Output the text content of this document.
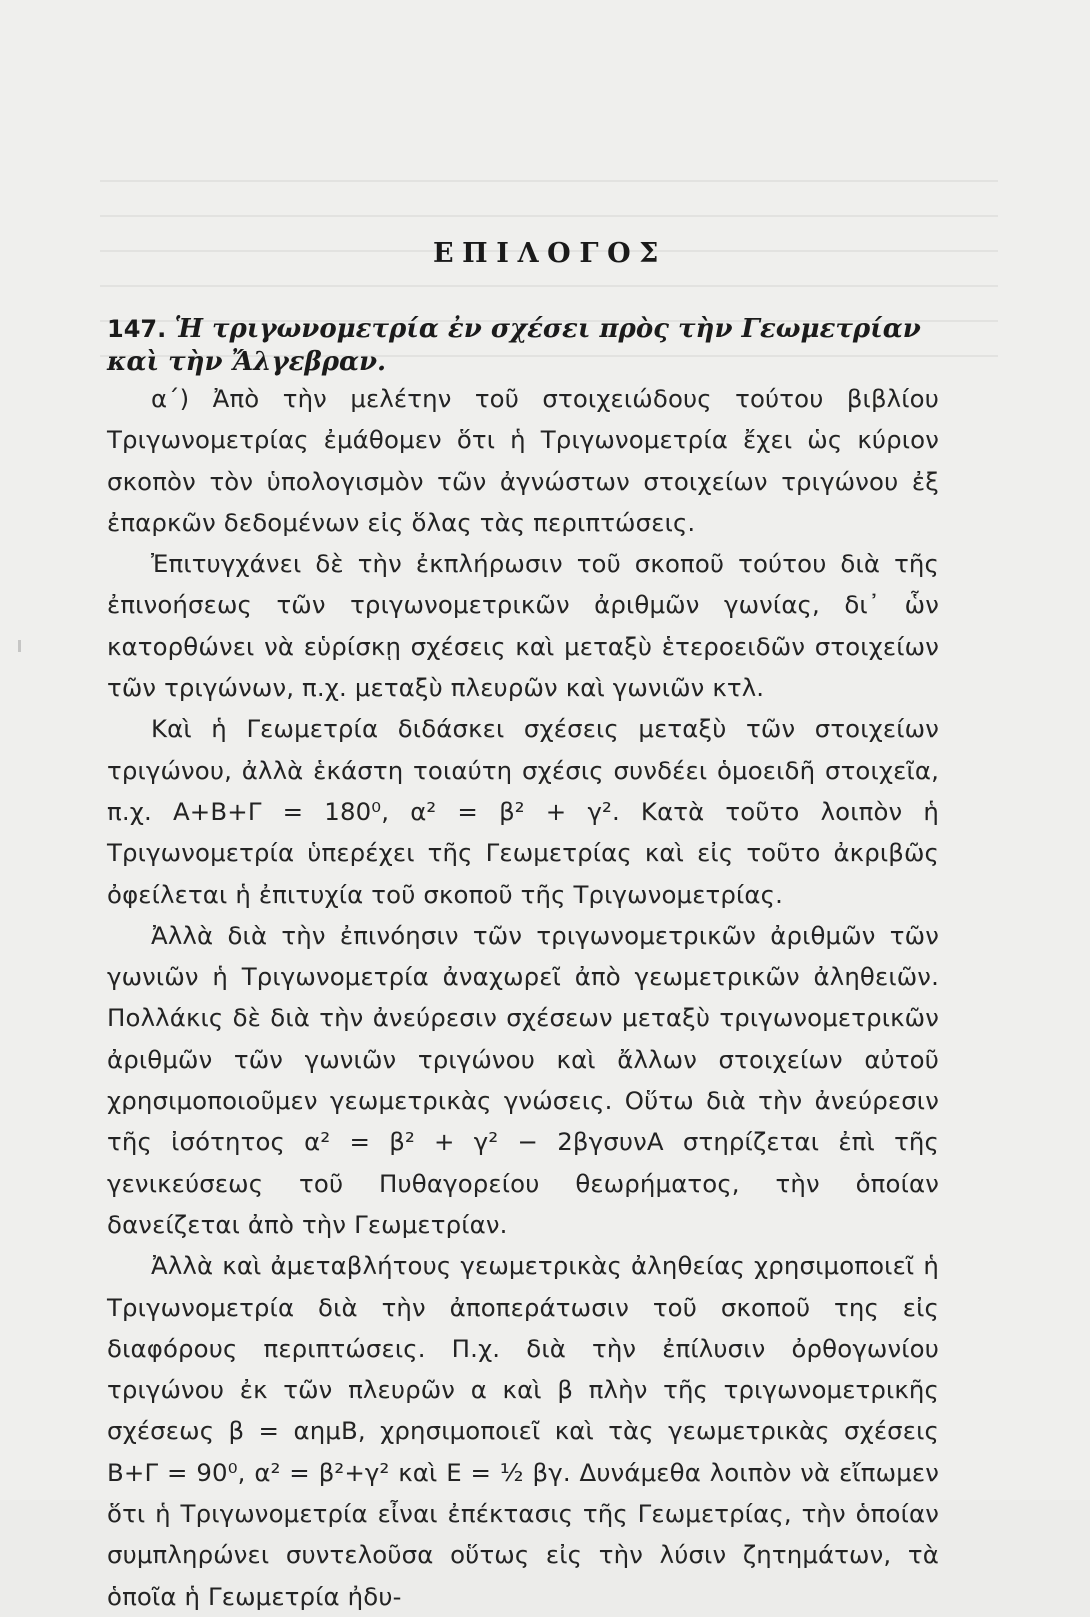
ΕΠΙΛΟΓΟΣ
147. Ἡ τριγωνομετρία ἐν σχέσει πρὸς τὴν Γεωμετρίαν καὶ τὴν Ἄλγεβραν.

α΄) Ἀπὸ τὴν μελέτην τοῦ στοιχειώδους τούτου βιβλίου Τριγωνομετρίας ἐμάθομεν ὅτι ἡ Τριγωνομετρία ἔχει ὡς κύριον σκοπὸν τὸν ὑπολογισμὸν τῶν ἀγνώστων στοιχείων τριγώνου ἐξ ἐπαρκῶν δεδομένων εἰς ὅλας τὰς περιπτώσεις.

Ἐπιτυγχάνει δὲ τὴν ἐκπλήρωσιν τοῦ σκοποῦ τούτου διὰ τῆς ἐπινοήσεως τῶν τριγωνομετρικῶν ἀριθμῶν γωνίας, δι᾿ ὧν κατορθώνει νὰ εὑρίσκῃ σχέσεις καὶ μεταξὺ ἑτεροειδῶν στοιχείων τῶν τριγώνων, π.χ. μεταξὺ πλευρῶν καὶ γωνιῶν κτλ.

Καὶ ἡ Γεωμετρία διδάσκει σχέσεις μεταξὺ τῶν στοιχείων τριγώνου, ἀλλὰ ἑκάστη τοιαύτη σχέσις συνδέει ὁμοειδῆ στοιχεῖα, π.χ. Α+Β+Γ = 180⁰, α² = β² + γ². Κατὰ τοῦτο λοιπὸν ἡ Τριγωνομετρία ὑπερέχει τῆς Γεωμετρίας καὶ εἰς τοῦτο ἀκριβῶς ὀφείλεται ἡ ἐπιτυχία τοῦ σκοποῦ τῆς Τριγωνομετρίας.

Ἀλλὰ διὰ τὴν ἐπινόησιν τῶν τριγωνομετρικῶν ἀριθμῶν τῶν γωνιῶν ἡ Τριγωνομετρία ἀναχωρεῖ ἀπὸ γεωμετρικῶν ἀληθειῶν. Πολλάκις δὲ διὰ τὴν ἀνεύρεσιν σχέσεων μεταξὺ τριγωνομετρικῶν ἀριθμῶν τῶν γωνιῶν τριγώνου καὶ ἄλλων στοιχείων αὐτοῦ χρησιμοποιοῦμεν γεωμετρικὰς γνώσεις. Οὕτω διὰ τὴν ἀνεύρεσιν τῆς ἰσότητος α² = β² + γ² − 2βγσυνΑ στηρίζεται ἐπὶ τῆς γενικεύσεως τοῦ Πυθαγορείου θεωρήματος, τὴν ὁποίαν δανείζεται ἀπὸ τὴν Γεωμετρίαν.

Ἀλλὰ καὶ ἀμεταβλήτους γεωμετρικὰς ἀληθείας χρησιμοποιεῖ ἡ Τριγωνομετρία διὰ τὴν ἀποπεράτωσιν τοῦ σκοποῦ της εἰς διαφόρους περιπτώσεις. Π.χ. διὰ τὴν ἐπίλυσιν ὀρθογωνίου τριγώνου ἐκ τῶν πλευρῶν α καὶ β πλὴν τῆς τριγωνομετρικῆς σχέσεως β = αημΒ, χρησιμοποιεῖ καὶ τὰς γεωμετρικὰς σχέσεις Β+Γ = 90⁰, α² = β²+γ² καὶ Ε = ½ βγ. Δυνάμεθα λοιπὸν νὰ εἴπωμεν ὅτι ἡ Τριγωνομετρία εἶναι ἐπέκτασις τῆς Γεωμετρίας, τὴν ὁποίαν συμπληρώνει συντελοῦσα οὕτως εἰς τὴν λύσιν ζητημάτων, τὰ ὁποῖα ἡ Γεωμετρία ἠδυ-
